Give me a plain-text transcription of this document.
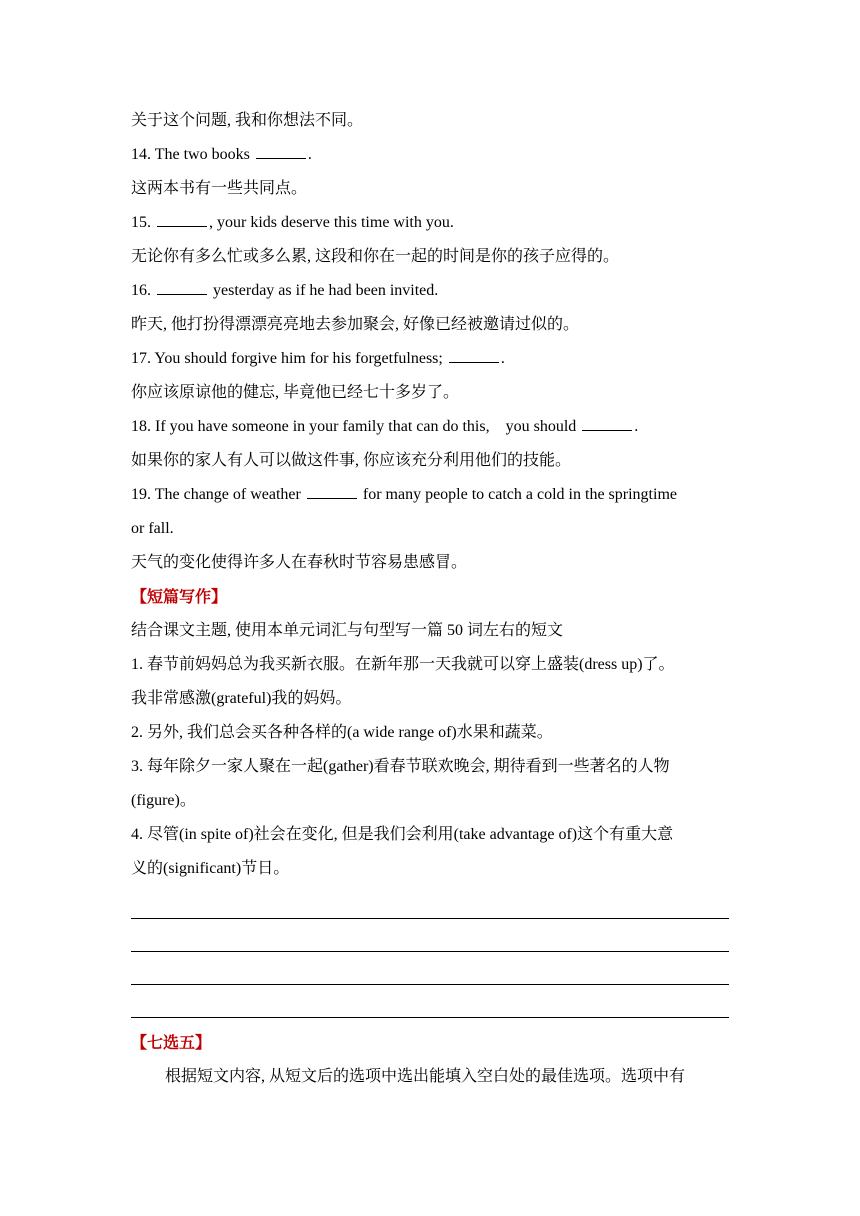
关于这个问题, 我和你想法不同。
14. The two books	.
这两本书有一些共同点。
15.	, your kids deserve this time with you.
无论你有多么忙或多么累, 这段和你在一起的时间是你的孩子应得的。
16.	yesterday as if he had been invited.
昨天, 他打扮得漂漂亮亮地去参加聚会, 好像已经被邀请过似的。
17. You should forgive him for his forgetfulness;	.
你应该原谅他的健忘, 毕竟他已经七十多岁了。
18. If you have someone in your family that can do this,    you should	.
如果你的家人有人可以做这件事, 你应该充分利用他们的技能。
19. The change of weather	for many people to catch a cold in the springtime
or fall.
天气的变化使得许多人在春秋时节容易患感冒。
【短篇写作】
结合课文主题, 使用本单元词汇与句型写一篇 50 词左右的短文
1. 春节前妈妈总为我买新衣服。在新年那一天我就可以穿上盛装(dress up)了。
我非常感激(grateful)我的妈妈。
2. 另外, 我们总会买各种各样的(a wide range of)水果和蔬菜。
3. 每年除夕一家人聚在一起(gather)看春节联欢晚会, 期待看到一些著名的人物
(figure)。
4. 尽管(in spite of)社会在变化, 但是我们会利用(take advantage of)这个有重大意
义的(significant)节日。
【七选五】
根据短文内容, 从短文后的选项中选出能填入空白处的最佳选项。选项中有
